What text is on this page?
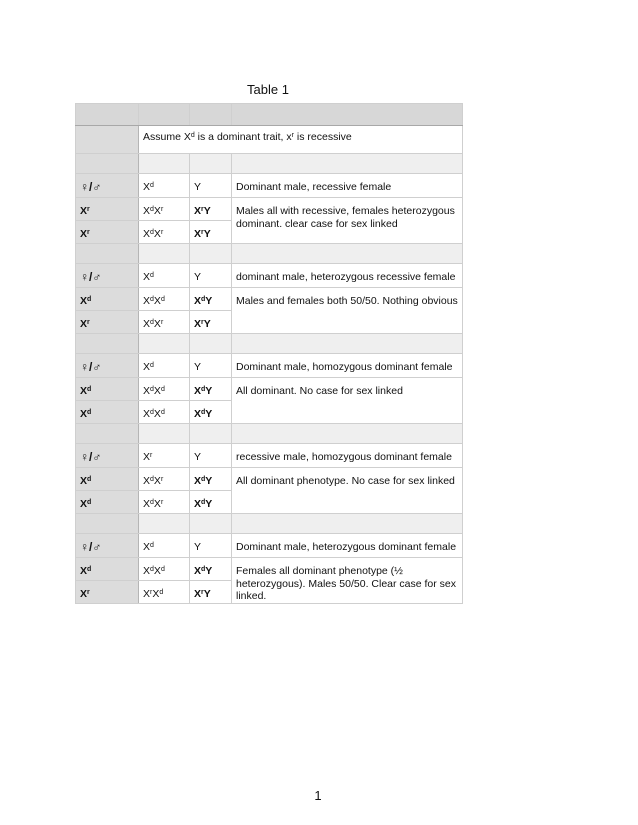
Table 1

	Assume $X^d$ is a dominant trait, $x^r$ is recessive		

♀/♂	$X^d$	Y	Dominant male, recessive female
$X^r$	$X^dX^r$	$X^rY$	Males all with recessive, females heterozygous dominant. clear case for sex linked
$X^r$	$X^dX^r$	$X^rY$	

♀/♂	$X^d$	Y	dominant male, heterozygous recessive female
$X^d$	$X^dX^d$	$X^dY$	Males and females both 50/50. Nothing obvious
$X^r$	$X^dX^r$	$X^rY$	

♀/♂	$X^d$	Y	Dominant male, homozygous dominant female
$X^d$	$X^dX^d$	$X^dY$	All dominant. No case for sex linked
$X^d$	$X^dX^d$	$X^dY$	

♀/♂	$X^r$	Y	recessive male, homozygous dominant female
$X^d$	$X^dX^r$	$X^dY$	All dominant phenotype. No case for sex linked
$X^d$	$X^dX^r$	$X^dY$	

♀/♂	$X^d$	Y	Dominant male, heterozygous dominant female
$X^d$	$X^dX^d$	$X^dY$	Females all dominant phenotype (½ heterozygous). Males 50/50. Clear case for sex linked.
$X^r$	$X^rX^d$	$X^rY$	
1
